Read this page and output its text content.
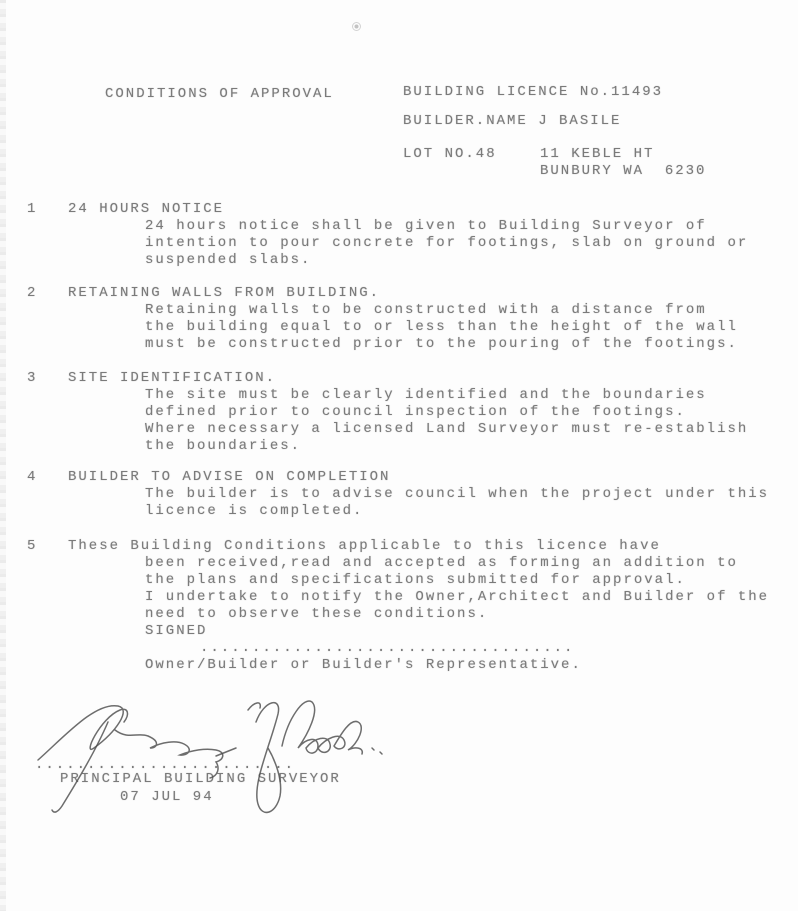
CONDITIONS OF APPROVAL	BUILDING LICENCE No.11493
BUILDER.NAME J BASILE
LOT NO.48	11 KEBLE HT
BUNBURY WA  6230
1 24 HOURS NOTICE
24 hours notice shall be given to Building Surveyor of
intention to pour concrete for footings, slab on ground or
suspended slabs.
2 RETAINING WALLS FROM BUILDING.
Retaining walls to be constructed with a distance from
the building equal to or less than the height of the wall
must be constructed prior to the pouring of the footings.
3 SITE IDENTIFICATION.
The site must be clearly identified and the boundaries
defined prior to council inspection of the footings.
Where necessary a licensed Land Surveyor must re-establish
the boundaries.
4 BUILDER TO ADVISE ON COMPLETION
The builder is to advise council when the project under this
licence is completed.
5 These Building Conditions applicable to this licence have
been received,read and accepted as forming an addition to
the plans and specifications submitted for approval.
I undertake to notify the Owner,Architect and Builder of the
need to observe these conditions.
SIGNED
....................................
Owner/Builder or Builder's Representative.
.........................
PRINCIPAL BUILDING SURVEYOR
07 JUL 94
